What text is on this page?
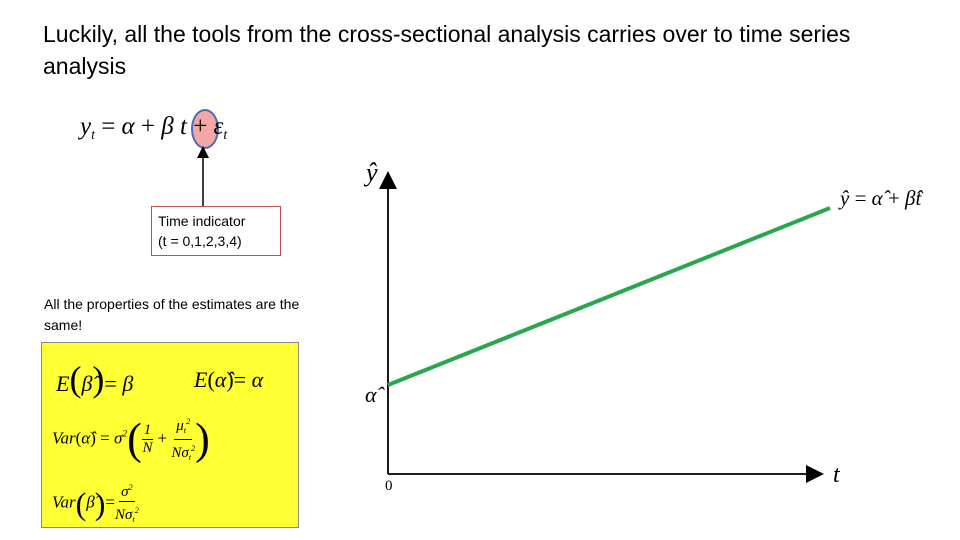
Luckily, all the tools from the cross-sectional analysis carries over to time series analysis
$y_t = \alpha + \beta$ $t + \varepsilon_t$
Time indicator
(t = 0,1,2,3,4)
All the properties of the estimates are the same!
E(β̂)= β	E(α̂)= α
Var(α̂) = $\sigma^2( \frac{1}{N} + \frac{\mu_t^2}{N\sigma_t^2}$ )
Var(β̂)= $\frac{\sigma^2}{N\sigma_t^2}$
ŷ
t
0
α̂
ŷ = α̂ + β̂t
